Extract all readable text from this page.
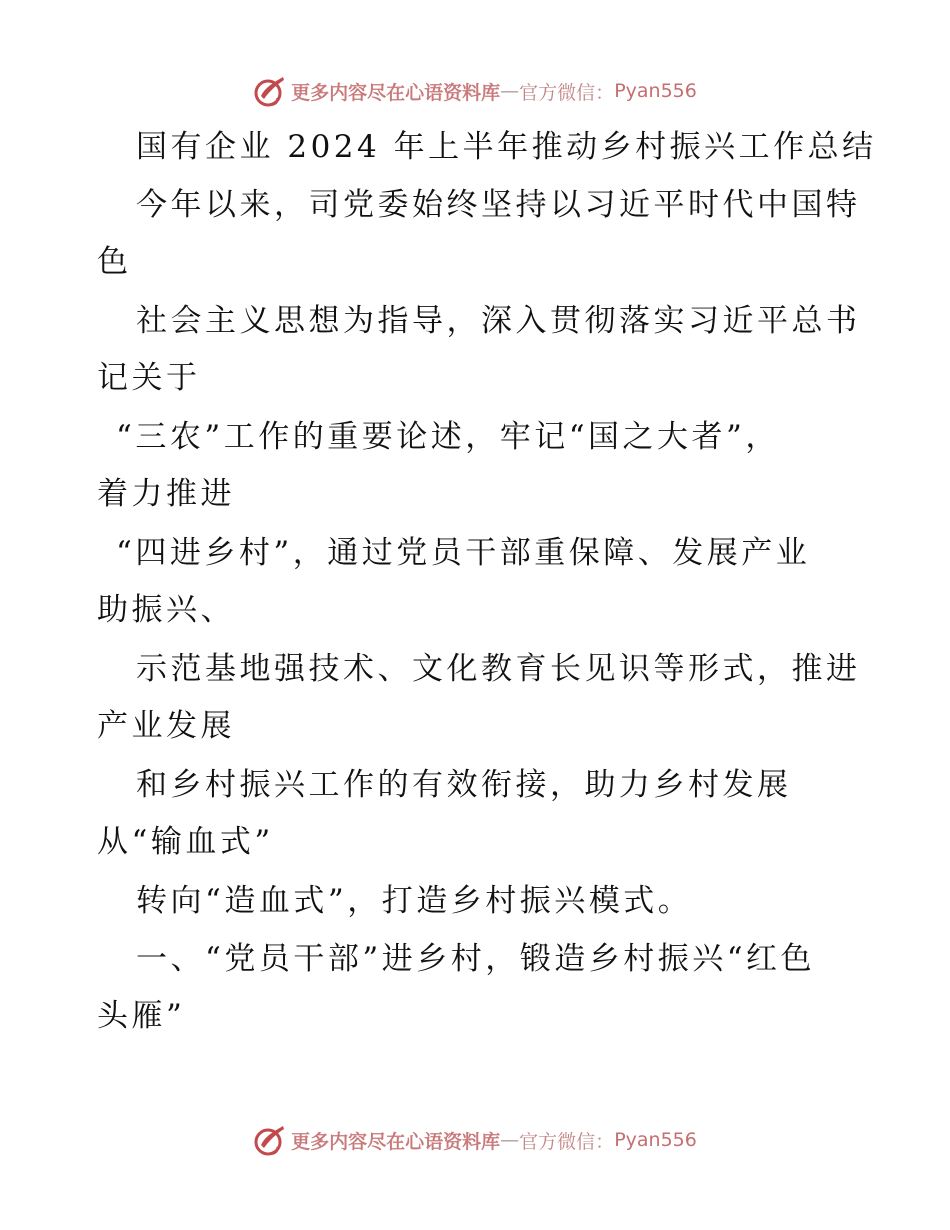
更多内容尽在心语资料库 — 官方微信： Pyan556
国有企业 2024 年上半年推动乡村振兴工作总结
今年以来，司党委始终坚持以习近平时代中国特
色
社会主义思想为指导，深入贯彻落实习近平总书
记关于
“三农”工作的重要论述，牢记“国之大者”，
着力推进
“四进乡村”，通过党员干部重保障、发展产业
助振兴、
示范基地强技术、文化教育长见识等形式，推进
产业发展
和乡村振兴工作的有效衔接，助力乡村发展
从“输血式”
转向“造血式”，打造乡村振兴模式。
一、“党员干部”进乡村，锻造乡村振兴“红色
头雁”
更多内容尽在心语资料库 — 官方微信： Pyan556
